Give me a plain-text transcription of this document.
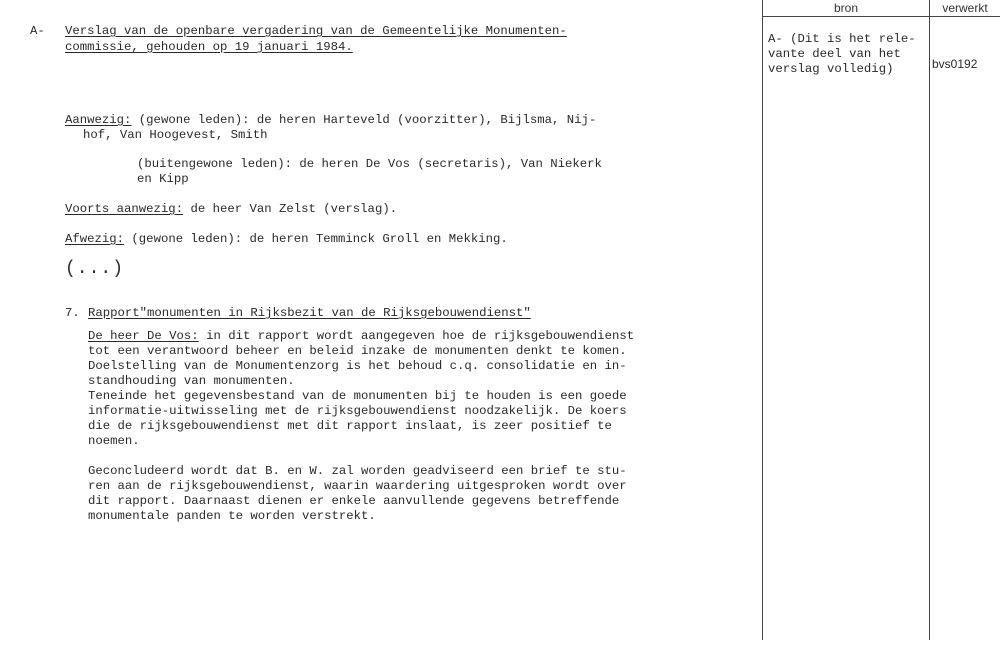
bron	verwerkt
A- Verslag van de openbare vergadering van de Gemeentelijke Monumenten-
commissie, gehouden op 19 januari 1984.
Aanwezig: (gewone leden): de heren Harteveld (voorzitter), Bijlsma, Nij-
hof, Van Hoogevest, Smith
(buitengewone leden): de heren De Vos (secretaris), Van Niekerk
en Kipp
Voorts aanwezig: de heer Van Zelst (verslag).
Afwezig: (gewone leden): de heren Temminck Groll en Mekking.
(...)
7. Rapport"monumenten in Rijksbezit van de Rijksgebouwendienst"
De heer De Vos: in dit rapport wordt aangegeven hoe de rijksgebouwendienst
tot een verantwoord beheer en beleid inzake de monumenten denkt te komen.
Doelstelling van de Monumentenzorg is het behoud c.q. consolidatie en in-
standhouding van monumenten.
Teneinde het gegevensbestand van de monumenten bij te houden is een goede
informatie-uitwisseling met de rijksgebouwendienst noodzakelijk. De koers
die de rijksgebouwendienst met dit rapport inslaat, is zeer positief te
noemen.
Geconcludeerd wordt dat B. en W. zal worden geadviseerd een brief te stu-
ren aan de rijksgebouwendienst, waarin waardering uitgesproken wordt over
dit rapport. Daarnaast dienen er enkele aanvullende gegevens betreffende
monumentale panden te worden verstrekt.
A- (Dit is het rele-
vante deel van het
verslag volledig)	bvs0192
